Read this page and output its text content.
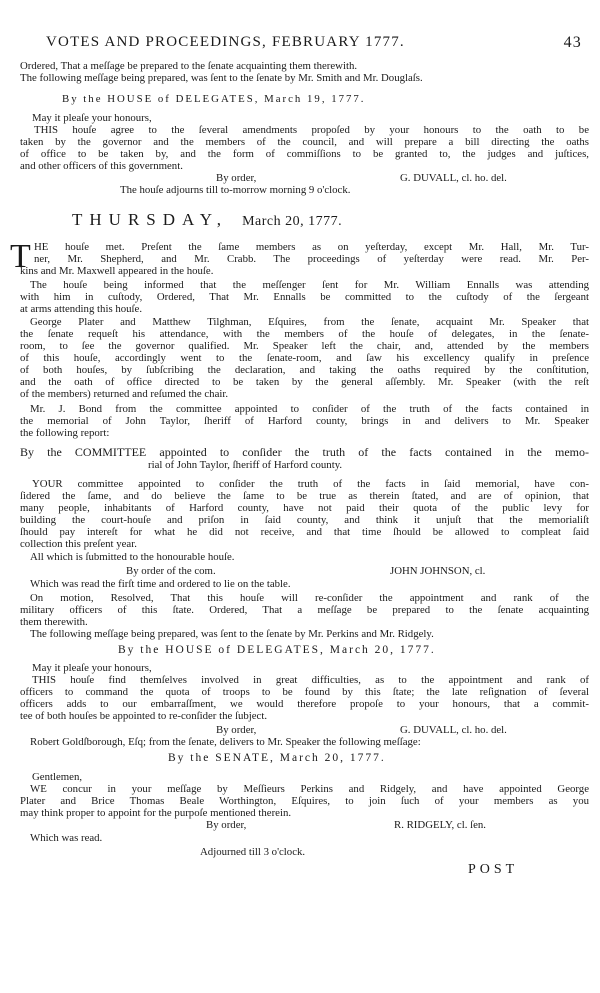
VOTES AND PROCEEDINGS, FEBRUARY 1777.	43
Ordered, That a meſſage be prepared to the ſenate acquainting them therewith.
The following meſſage being prepared, was ſent to the ſenate by Mr. Smith and Mr. Douglaſs.
By the HOUSE of DELEGATES, March 19, 1777.
May it pleaſe your honours,
THIS houſe agree to the ſeveral amendments propoſed by your honours to the oath to be
taken by the governor and the members of the council, and will prepare a bill directing the oaths
of office to be taken by, and the form of commiſſions to be granted to, the judges and juſtices,
and other officers of this government.
By order,	G. DUVALL, cl. ho. del.
The houſe adjourns till to-morrow morning 9 o'clock.
THURSDAY, March 20, 1777.
T HE houſe met. Preſent the ſame members as on yeſterday, except Mr. Hall, Mr. Tur-
ner, Mr. Shepherd, and Mr. Crabb. The proceedings of yeſterday were read. Mr. Per-
kins and Mr. Maxwell appeared in the houſe.
The houſe being informed that the meſſenger ſent for Mr. William Ennalls was attending
with him in cuſtody, Ordered, That Mr. Ennalls be committed to the cuſtody of the ſergeant
at arms attending this houſe.
George Plater and Matthew Tilghman, Eſquires, from the ſenate, acquaint Mr. Speaker that
the ſenate requeſt his attendance, with the members of the houſe of delegates, in the ſenate-
room, to ſee the governor qualified. Mr. Speaker left the chair, and, attended by the members
of this houſe, accordingly went to the ſenate-room, and ſaw his excellency qualify in preſence
of both houſes, by ſubſcribing the declaration, and taking the oaths required by the conſtitution,
and the oath of office directed to be taken by the general aſſembly. Mr. Speaker (with the reſt
of the members) returned and reſumed the chair.
Mr. J. Bond from the committee appointed to conſider of the truth of the facts contained in
the memorial of John Taylor, ſheriff of Harford county, brings in and delivers to Mr. Speaker
the following report:
By the COMMITTEE appointed to conſider the truth of the facts contained in the memo-
rial of John Taylor, ſheriff of Harford county.
YOUR committee appointed to conſider the truth of the facts in ſaid memorial, have con-
ſidered the ſame, and do believe the ſame to be true as therein ſtated, and are of opinion, that
many people, inhabitants of Harford county, have not paid their quota of the public levy for
building the court-houſe and priſon in ſaid county, and think it unjuſt that the memorialiſt
ſhould pay intereſt for what he did not receive, and that time ſhould be allowed to compleat ſaid
collection this preſent year.
All which is ſubmitted to the honourable houſe.
By order of the com.	JOHN JOHNSON, cl.
Which was read the firſt time and ordered to lie on the table.
On motion, Resolved, That this houſe will re-conſider the appointment and rank of the
military officers of this ſtate. Ordered, That a meſſage be prepared to the ſenate acquainting
them therewith.
The following meſſage being prepared, was ſent to the ſenate by Mr. Perkins and Mr. Ridgely.
By the HOUSE of DELEGATES, March 20, 1777.
May it pleaſe your honours,
THIS houſe find themſelves involved in great difficulties, as to the appointment and rank of
officers to command the quota of troops to be found by this ſtate; the late reſignation of ſeveral
officers adds to our embarraſſment, we would therefore propoſe to your honours, that a commit-
tee of both houſes be appointed to re-conſider the ſubject.
By order,	G. DUVALL, cl. ho. del.
Robert Goldſborough, Eſq; from the ſenate, delivers to Mr. Speaker the following meſſage:
By the SENATE, March 20, 1777.
Gentlemen,
WE concur in your meſſage by Meſſieurs Perkins and Ridgely, and have appointed George
Plater and Brice Thomas Beale Worthington, Eſquires, to join ſuch of your members as you
may think proper to appoint for the purpoſe mentioned therein.
By order,	R. RIDGELY, cl. ſen.
Which was read.
Adjourned till 3 o'clock.
POST
